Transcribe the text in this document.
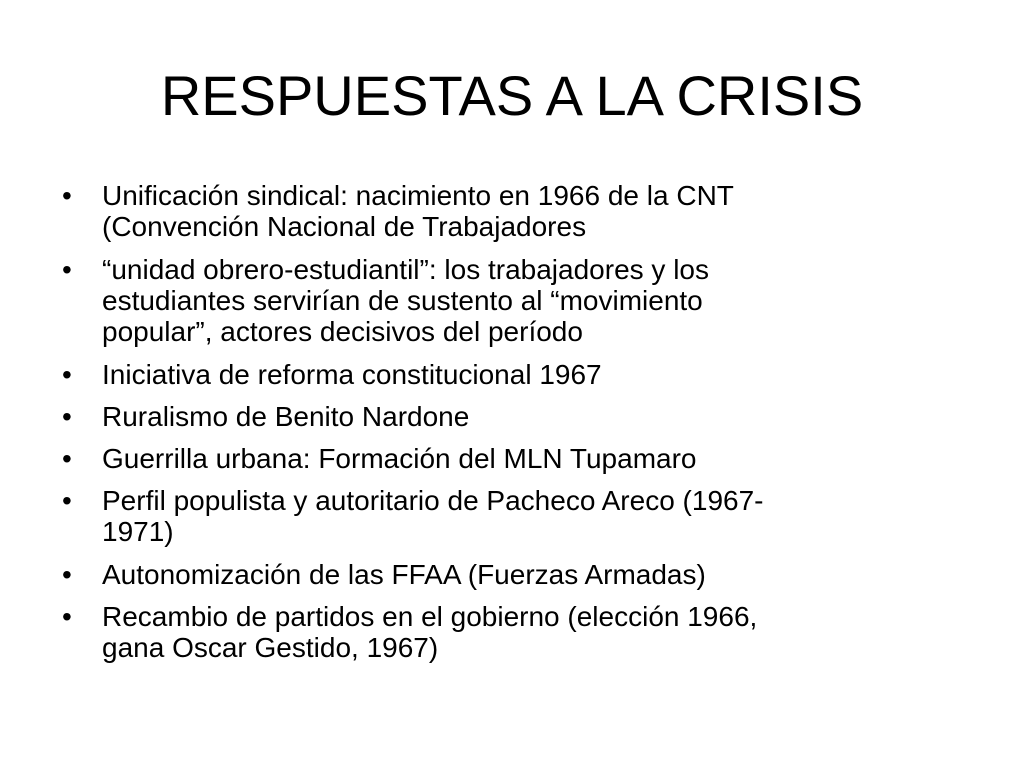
RESPUESTAS A LA CRISIS
•	Unificación sindical: nacimiento en 1966 de la CNT
(Convención Nacional de Trabajadores
•	“unidad obrero-estudiantil”: los trabajadores y los
estudiantes servirían de sustento al “movimiento
popular”, actores decisivos del período
•	Iniciativa de reforma constitucional 1967
•	Ruralismo de Benito Nardone
•	Guerrilla urbana: Formación del MLN Tupamaro
•	Perfil populista y autoritario de Pacheco Areco (1967-
1971)
•	Autonomización de las FFAA (Fuerzas Armadas)
•	Recambio de partidos en el gobierno (elección 1966,
gana Oscar Gestido, 1967)
